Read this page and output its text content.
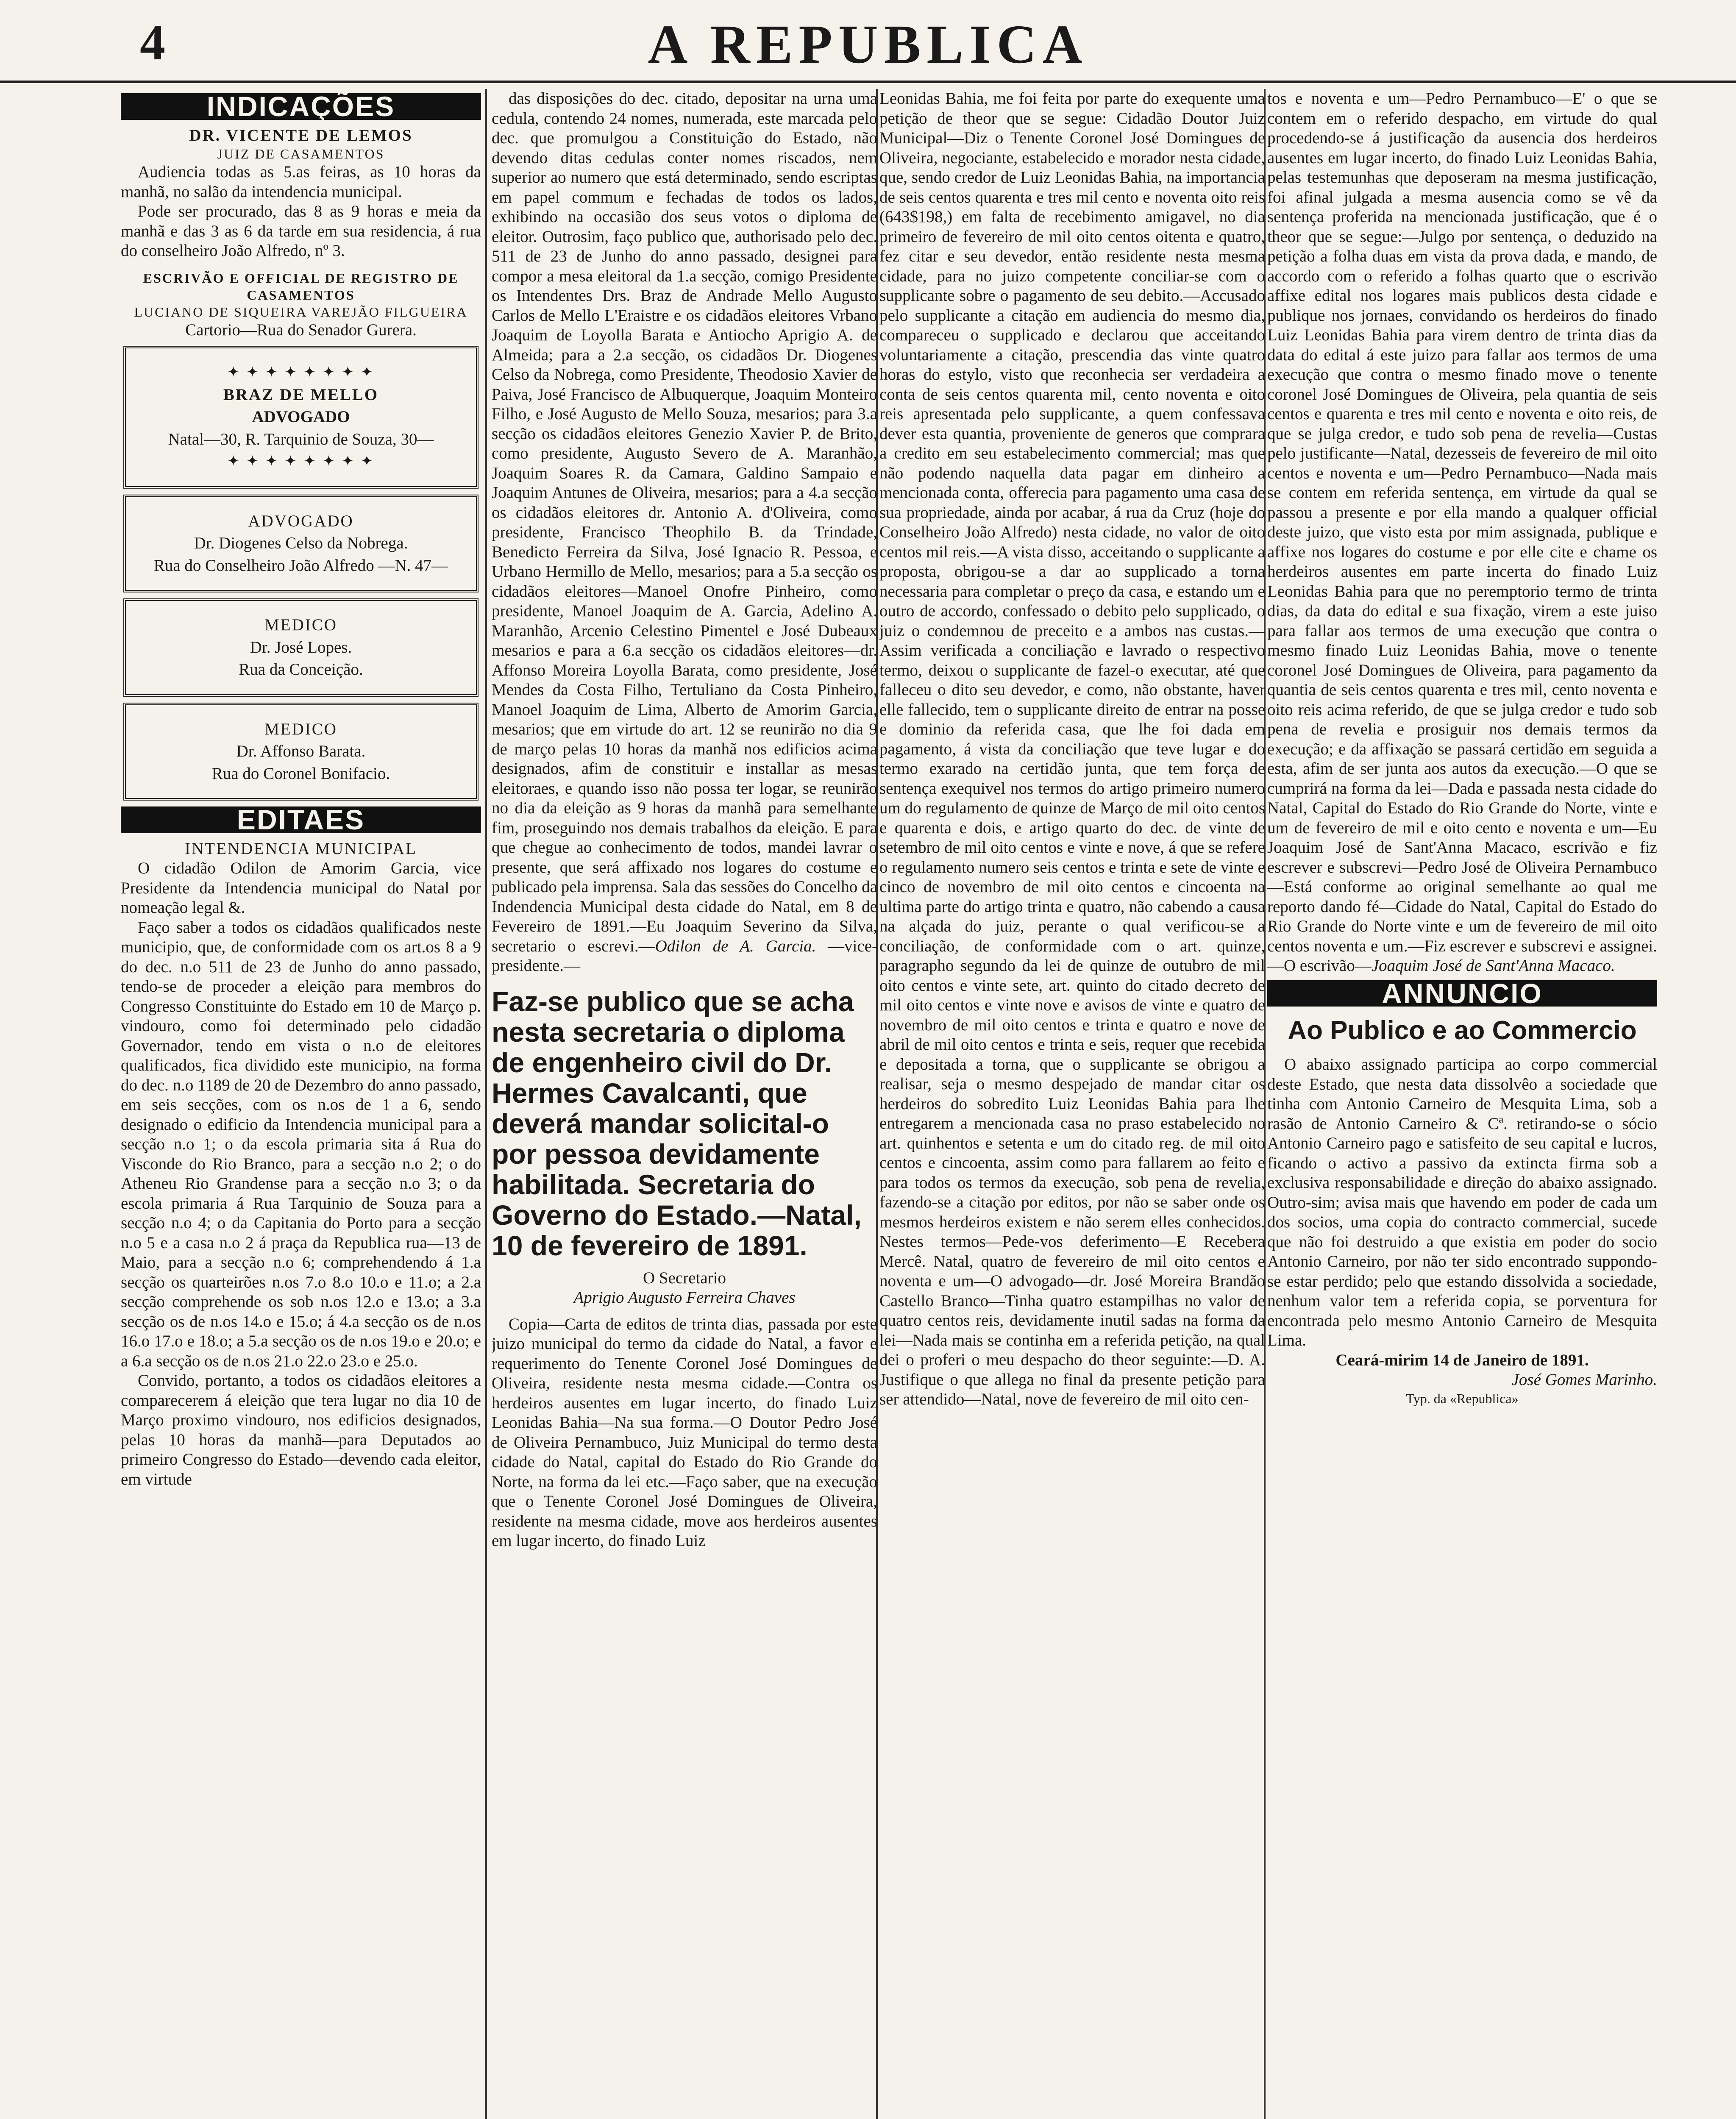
4	A REPUBLICA
INDICAÇÕES

DR. VICENTE DE LEMOS

JUIZ DE CASAMENTOS

Audiencia todas as 5.as feiras, as 10 horas da manhã, no salão da intendencia municipal.

Pode ser procurado, das 8 as 9 horas e meia da manhã e das 3 as 6 da tarde em sua residencia, á rua do conselheiro João Alfredo, nº 3.

ESCRIVÃO E OFFICIAL DE REGISTRO DE CASAMENTOS

LUCIANO DE SIQUEIRA VAREJÃO FILGUEIRA

Cartorio—Rua do Senador Gurera.

✦ ✦ ✦ ✦ ✦ ✦ ✦ ✦
BRAZ DE MELLO
ADVOGADO
Natal—30, R. Tarquinio de Souza, 30—
✦ ✦ ✦ ✦ ✦ ✦ ✦ ✦
ADVOGADO
Dr. Diogenes Celso da Nobrega.
Rua do Conselheiro João Alfredo —N. 47—
MEDICO
Dr. José Lopes.
Rua da Conceição.
MEDICO
Dr. Affonso Barata.
Rua do Coronel Bonifacio.
EDITAES

INTENDENCIA MUNICIPAL

O cidadão Odilon de Amorim Garcia, vice Presidente da Intendencia municipal do Natal por nomeação legal &.

Faço saber a todos os cidadãos qualificados neste municipio, que, de conformidade com os art.os 8 a 9 do dec. n.o 511 de 23 de Junho do anno passado, tendo-se de proceder a eleição para membros do Congresso Constituinte do Estado em 10 de Março p. vindouro, como foi determinado pelo cidadão Governador, tendo em vista o n.o de eleitores qualificados, fica dividido este municipio, na forma do dec. n.o 1189 de 20 de Dezembro do anno passado, em seis secções, com os n.os de 1 a 6, sendo designado o edificio da Intendencia municipal para a secção n.o 1; o da escola primaria sita á Rua do Visconde do Rio Branco, para a secção n.o 2; o do Atheneu Rio Grandense para a secção n.o 3; o da escola primaria á Rua Tarquinio de Souza para a secção n.o 4; o da Capitania do Porto para a secção n.o 5 e a casa n.o 2 á praça da Republica rua—13 de Maio, para a secção n.o 6; comprehendendo á 1.a secção os quarteirões n.os 7.o 8.o 10.o e 11.o; a 2.a secção comprehende os sob n.os 12.o e 13.o; a 3.a secção os de n.os 14.o e 15.o; á 4.a secção os de n.os 16.o 17.o e 18.o; a 5.a secção os de n.os 19.o e 20.o; e a 6.a secção os de n.os 21.o 22.o 23.o e 25.o.

Convido, portanto, a todos os cidadãos eleitores a comparecerem á eleição que tera lugar no dia 10 de Março proximo vindouro, nos edificios designados, pelas 10 horas da manhã—para Deputados ao primeiro Congresso do Estado—devendo cada eleitor, em virtude

das disposições do dec. citado, depositar na urna uma cedula, contendo 24 nomes, numerada, este marcada pelo dec. que promulgou a Constituição do Estado, não devendo ditas cedulas conter nomes riscados, nem superior ao numero que está determinado, sendo escriptas em papel commum e fechadas de todos os lados, exhibindo na occasião dos seus votos o diploma de eleitor. Outrosim, faço publico que, authorisado pelo dec. 511 de 23 de Junho do anno passado, designei para compor a mesa eleitoral da 1.a secção, comigo Presidente os Intendentes Drs. Braz de Andrade Mello Augusto Carlos de Mello L'Eraistre e os cidadãos eleitores Vrbano Joaquim de Loyolla Barata e Antiocho Aprigio A. de Almeida; para a 2.a secção, os cidadãos Dr. Diogenes Celso da Nobrega, como Presidente, Theodosio Xavier de Paiva, José Francisco de Albuquerque, Joaquim Monteiro Filho, e José Augusto de Mello Souza, mesarios; para 3.a secção os cidadãos eleitores Genezio Xavier P. de Brito, como presidente, Augusto Severo de A. Maranhão, Joaquim Soares R. da Camara, Galdino Sampaio e Joaquim Antunes de Oliveira, mesarios; para a 4.a secção os cidadãos eleitores dr. Antonio A. d'Oliveira, como presidente, Francisco Theophilo B. da Trindade, Benedicto Ferreira da Silva, José Ignacio R. Pessoa, e Urbano Hermillo de Mello, mesarios; para a 5.a secção os cidadãos eleitores—Manoel Onofre Pinheiro, como presidente, Manoel Joaquim de A. Garcia, Adelino A. Maranhão, Arcenio Celestino Pimentel e José Dubeaux mesarios e para a 6.a secção os cidadãos eleitores—dr. Affonso Moreira Loyolla Barata, como presidente, José Mendes da Costa Filho, Tertuliano da Costa Pinheiro, Manoel Joaquim de Lima, Alberto de Amorim Garcia, mesarios; que em virtude do art. 12 se reunirão no dia 9 de março pelas 10 horas da manhã nos edificios acima designados, afim de constituir e installar as mesas eleitoraes, e quando isso não possa ter logar, se reunirão no dia da eleição as 9 horas da manhã para semelhante fim, proseguindo nos demais trabalhos da eleição. E para que chegue ao conhecimento de todos, mandei lavrar o presente, que será affixado nos logares do costume e publicado pela imprensa. Sala das sessões do Concelho da Indendencia Municipal desta cidade do Natal, em 8 de Fevereiro de 1891.—Eu Joaquim Severino da Silva, secretario o escrevi.—Odilon de A. Garcia. —vice-presidente.—

Faz-se publico que se acha nesta secretaria o diploma de engenheiro civil do Dr. Hermes Cavalcanti, que deverá mandar solicital-o por pessoa devidamente habilitada. Secretaria do Governo do Estado.—Natal, 10 de fevereiro de 1891.

O Secretario

Aprigio Augusto Ferreira Chaves

Copia—Carta de editos de trinta dias, passada por este juizo municipal do termo da cidade do Natal, a favor e requerimento do Tenente Coronel José Domingues de Oliveira, residente nesta mesma cidade.—Contra os herdeiros ausentes em lugar incerto, do finado Luiz Leonidas Bahia—Na sua forma.—O Doutor Pedro José de Oliveira Pernambuco, Juiz Municipal do termo desta cidade do Natal, capital do Estado do Rio Grande do Norte, na forma da lei etc.—Faço saber, que na execução que o Tenente Coronel José Domingues de Oliveira, residente na mesma cidade, move aos herdeiros ausentes em lugar incerto, do finado Luiz

Leonidas Bahia, me foi feita por parte do exequente uma petição de theor que se segue: Cidadão Doutor Juiz Municipal—Diz o Tenente Coronel José Domingues de Oliveira, negociante, estabelecido e morador nesta cidade, que, sendo credor de Luiz Leonidas Bahia, na importancia de seis centos quarenta e tres mil cento e noventa oito reis (643$198,) em falta de recebimento amigavel, no dia primeiro de fevereiro de mil oito centos oitenta e quatro, fez citar e seu devedor, então residente nesta mesma cidade, para no juizo competente conciliar-se com o supplicante sobre o pagamento de seu debito.—Accusado pelo supplicante a citação em audiencia do mesmo dia, compareceu o supplicado e declarou que acceitando voluntariamente a citação, prescendia das vinte quatro horas do estylo, visto que reconhecia ser verdadeira a conta de seis centos quarenta mil, cento noventa e oito reis apresentada pelo supplicante, a quem confessava dever esta quantia, proveniente de generos que comprara a credito em seu estabelecimento commercial; mas que não podendo naquella data pagar em dinheiro a mencionada conta, offerecia para pagamento uma casa de sua propriedade, ainda por acabar, á rua da Cruz (hoje do Conselheiro João Alfredo) nesta cidade, no valor de oito centos mil reis.—A vista disso, acceitando o supplicante a proposta, obrigou-se a dar ao supplicado a torna necessaria para completar o preço da casa, e estando um e outro de accordo, confessado o debito pelo supplicado, o juiz o condemnou de preceito e a ambos nas custas.—Assim verificada a conciliação e lavrado o respectivo termo, deixou o supplicante de fazel-o executar, até que falleceu o dito seu devedor, e como, não obstante, haver elle fallecido, tem o supplicante direito de entrar na posse e dominio da referida casa, que lhe foi dada em pagamento, á vista da conciliação que teve lugar e do termo exarado na certidão junta, que tem força de sentença exequivel nos termos do artigo primeiro numero um do regulamento de quinze de Março de mil oito centos e quarenta e dois, e artigo quarto do dec. de vinte de setembro de mil oito centos e vinte e nove, á que se refere o regulamento numero seis centos e trinta e sete de vinte e cinco de novembro de mil oito centos e cincoenta na ultima parte do artigo trinta e quatro, não cabendo a causa na alçada do juiz, perante o qual verificou-se a conciliação, de conformidade com o art. quinze, paragrapho segundo da lei de quinze de outubro de mil oito centos e vinte sete, art. quinto do citado decreto de mil oito centos e vinte nove e avisos de vinte e quatro de novembro de mil oito centos e trinta e quatro e nove de abril de mil oito centos e trinta e seis, requer que recebida e depositada a torna, que o supplicante se obrigou a realisar, seja o mesmo despejado de mandar citar os herdeiros do sobredito Luiz Leonidas Bahia para lhe entregarem a mencionada casa no praso estabelecido no art. quinhentos e setenta e um do citado reg. de mil oito centos e cincoenta, assim como para fallarem ao feito e para todos os termos da execução, sob pena de revelia, fazendo-se a citação por editos, por não se saber onde os mesmos herdeiros existem e não serem elles conhecidos. Nestes termos—Pede-vos deferimento—E Recebera Mercê. Natal, quatro de fevereiro de mil oito centos e noventa e um—O advogado—dr. José Moreira Brandão Castello Branco—Tinha quatro estampilhas no valor de quatro centos reis, devidamente inutil sadas na forma da lei—Nada mais se continha em a referida petição, na qual dei o proferi o meu despacho do theor seguinte:—D. A. Justifique o que allega no final da presente petição para ser attendido—Natal, nove de fevereiro de mil oito cen-

tos e noventa e um—Pedro Pernambuco—E' o que se contem em o referido despacho, em virtude do qual procedendo-se á justificação da ausencia dos herdeiros ausentes em lugar incerto, do finado Luiz Leonidas Bahia, pelas testemunhas que deposeram na mesma justificação, foi afinal julgada a mesma ausencia como se vê da sentença proferida na mencionada justificação, que é o theor que se segue:—Julgo por sentença, o deduzido na petição a folha duas em vista da prova dada, e mando, de accordo com o referido a folhas quarto que o escrivão affixe edital nos logares mais publicos desta cidade e publique nos jornaes, convidando os herdeiros do finado Luiz Leonidas Bahia para virem dentro de trinta dias da data do edital á este juizo para fallar aos termos de uma execução que contra o mesmo finado move o tenente coronel José Domingues de Oliveira, pela quantia de seis centos e quarenta e tres mil cento e noventa e oito reis, de que se julga credor, e tudo sob pena de revelia—Custas pelo justificante—Natal, dezesseis de fevereiro de mil oito centos e noventa e um—Pedro Pernambuco—Nada mais se contem em referida sentença, em virtude da qual se passou a presente e por ella mando a qualquer official deste juizo, que visto esta por mim assignada, publique e affixe nos logares do costume e por elle cite e chame os herdeiros ausentes em parte incerta do finado Luiz Leonidas Bahia para que no peremptorio termo de trinta dias, da data do edital e sua fixação, virem a este juiso para fallar aos termos de uma execução que contra o mesmo finado Luiz Leonidas Bahia, move o tenente coronel José Domingues de Oliveira, para pagamento da quantia de seis centos quarenta e tres mil, cento noventa e oito reis acima referido, de que se julga credor e tudo sob pena de revelia e prosiguir nos demais termos da execução; e da affixação se passará certidão em seguida a esta, afim de ser junta aos autos da execução.—O que se cumprirá na forma da lei—Dada e passada nesta cidade do Natal, Capital do Estado do Rio Grande do Norte, vinte e um de fevereiro de mil e oito cento e noventa e um—Eu Joaquim José de Sant'Anna Macaco, escrivão e fiz escrever e subscrevi—Pedro José de Oliveira Pernambuco—Está conforme ao original semelhante ao qual me reporto dando fé—Cidade do Natal, Capital do Estado do Rio Grande do Norte vinte e um de fevereiro de mil oito centos noventa e um.—Fiz escrever e subscrevi e assignei.—O escrivão—Joaquim José de Sant'Anna Macaco.

ANNUNCIO
Ao Publico e ao Commercio

O abaixo assignado participa ao corpo commercial deste Estado, que nesta data dissolvêo a sociedade que tinha com Antonio Carneiro de Mesquita Lima, sob a rasão de Antonio Carneiro & Cª. retirando-se o sócio Antonio Carneiro pago e satisfeito de seu capital e lucros, ficando o activo a passivo da extincta firma sob a exclusiva responsabilidade e direção do abaixo assignado. Outro-sim; avisa mais que havendo em poder de cada um dos socios, uma copia do contracto commercial, sucede que não foi destruido a que existia em poder do socio Antonio Carneiro, por não ter sido encontrado suppondo-se estar perdido; pelo que estando dissolvida a sociedade, nenhum valor tem a referida copia, se porventura for encontrada pelo mesmo Antonio Carneiro de Mesquita Lima.

Ceará-mirim 14 de Janeiro de 1891.

José Gomes Marinho.

Typ. da «Republica»
